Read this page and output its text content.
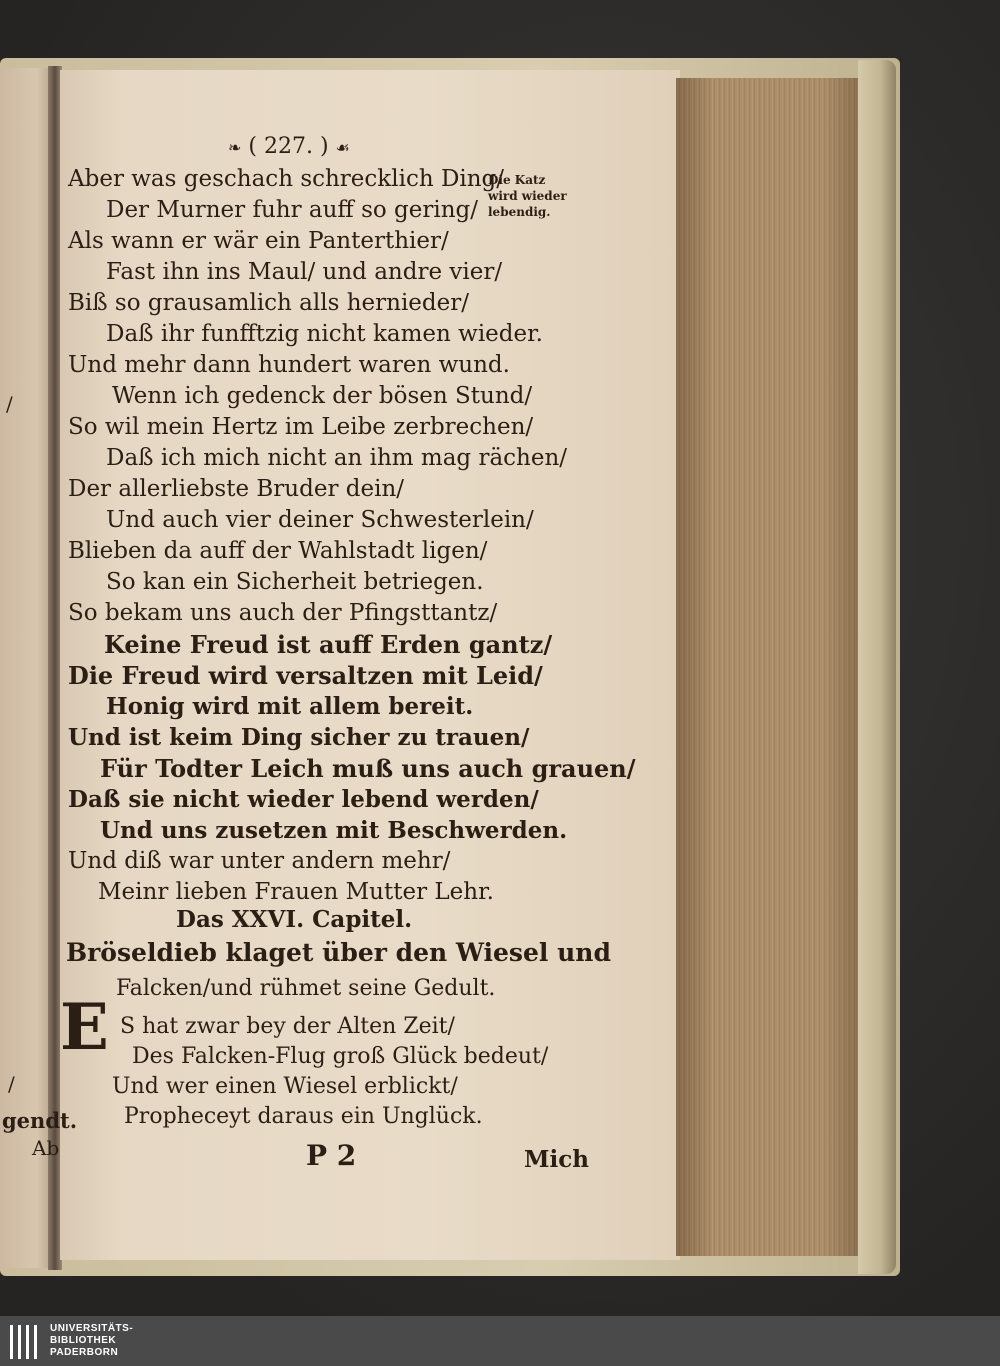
/
/
gendt.
Ab
❧ ( 227. ) ☙
Die Katz
wird wieder
lebendig.
Aber was geschach schrecklich Ding/
Der Murner fuhr auff so gering/
Als wann er wär ein Panterthier/
Fast ihn ins Maul/ und andre vier/
Biß so grausamlich alls hernieder/
Daß ihr funfftzig nicht kamen wieder.
Und mehr dann hundert waren wund.
Wenn ich gedenck der bösen Stund/
So wil mein Hertz im Leibe zerbrechen/
Daß ich mich nicht an ihm mag rächen/
Der allerliebste Bruder dein/
Und auch vier deiner Schwesterlein/
Blieben da auff der Wahlstadt ligen/
So kan ein Sicherheit betriegen.
So bekam uns auch der Pfingsttantz/
Keine Freud ist auff Erden gantz/
Die Freud wird versaltzen mit Leid/
Honig wird mit allem bereit.
Und ist keim Ding sicher zu trauen/
Für Todter Leich muß uns auch grauen/
Daß sie nicht wieder lebend werden/
Und uns zusetzen mit Beschwerden.
Und diß war unter andern mehr/
Meinr lieben Frauen Mutter Lehr.
Das XXVI. Capitel.
Bröseldieb klaget über den Wiesel und
Falcken/und rühmet seine Gedult.
E S hat zwar bey der Alten Zeit/
Des Falcken-Flug groß Glück bedeut/
Und wer einen Wiesel erblickt/
Propheceyt daraus ein Unglück.
P 2	Mich
UNIVERSITÄTS-
BIBLIOTHEK
PADERBORN
